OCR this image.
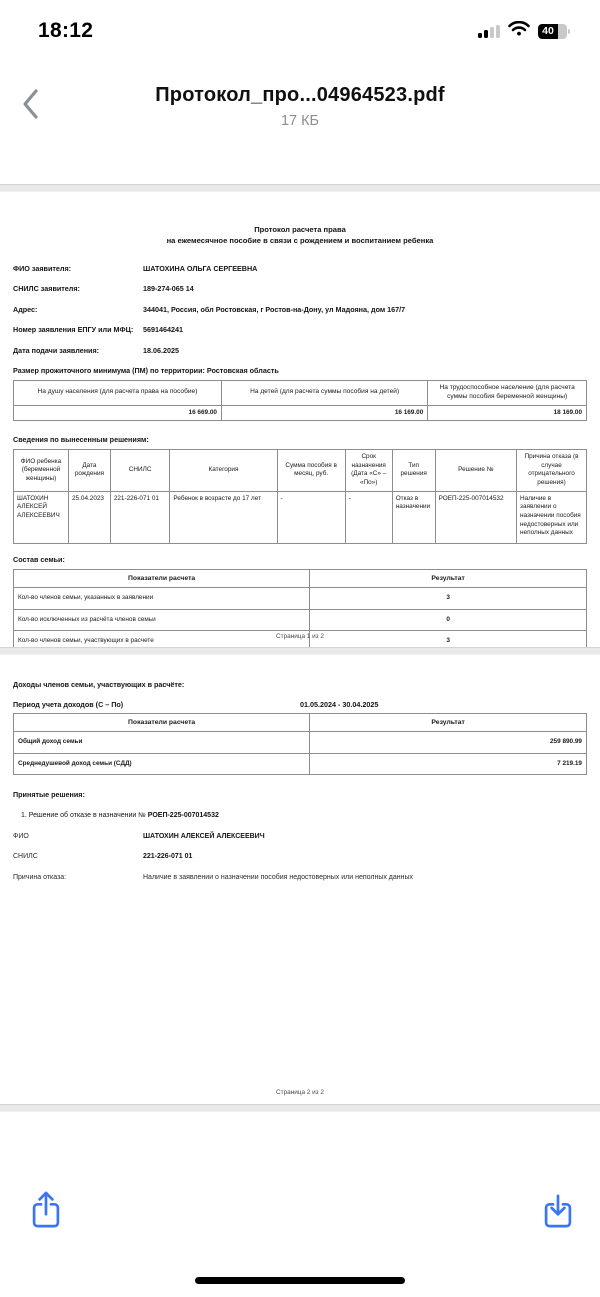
18:12	40
Протокол_про...04964523.pdf
17 КБ
Протокол расчета права
на ежемесячное пособие в связи с рождением и воспитанием ребенка
ФИО заявителя:	ШАТОХИНА ОЛЬГА СЕРГЕЕВНА
СНИЛС заявителя:	189-274-065 14
Адрес:	344041, Россия, обл Ростовская, г Ростов-на-Дону, ул Мадояна, дом 167/7
Номер заявления ЕПГУ или МФЦ:	5691464241
Дата подачи заявления:	18.06.2025
Размер прожиточного минимума (ПМ) по территории: Ростовская область
На душу населения (для расчета права на пособие)	На детей (для расчета суммы пособия на детей)	На трудоспособное население (для расчета суммы пособия беременной женщины)
16 669.00	16 169.00	18 169.00
Сведения по вынесенным решениям:
ФИО ребенка (беременной женщины)	Дата рождения	СНИЛС	Категория	Сумма пособия в месяц, руб.	Срок назначения (Дата «С» – «По»)	Тип решения	Решение №	Причина отказа (в случае отрицательного решения)
ШАТОХИН АЛЕКСЕЙ АЛЕКСЕЕВИЧ	25.04.2023	221-226-071 01	Ребенок в возрасте до 17 лет	-	-	Отказ в назначении	РОЕП-225-007014532	Наличие в заявлении о назначении пособия недостоверных или неполных данных
Состав семьи:
Показатели расчета	Результат
Кол-во членов семьи, указанных в заявлении	3
Кол-во исключенных из расчёта членов семьи	0
Кол-во членов семьи, участвующих в расчете	3
Страница 1 из 2
Доходы членов семьи, участвующих в расчёте:
Период учета доходов (С – По)	01.05.2024 - 30.04.2025
Показатели расчета	Результат
Общий доход семьи	259 890.99
Среднедушевой доход семьи (СДД)	7 219.19
Принятые решения:
1. Решение об отказе в назначении № РОЕП-225-007014532
ФИО	ШАТОХИН АЛЕКСЕЙ АЛЕКСЕЕВИЧ
СНИЛС	221-226-071 01
Причина отказа:	Наличие в заявлении о назначении пособия недостоверных или неполных данных
Страница 2 из 2
